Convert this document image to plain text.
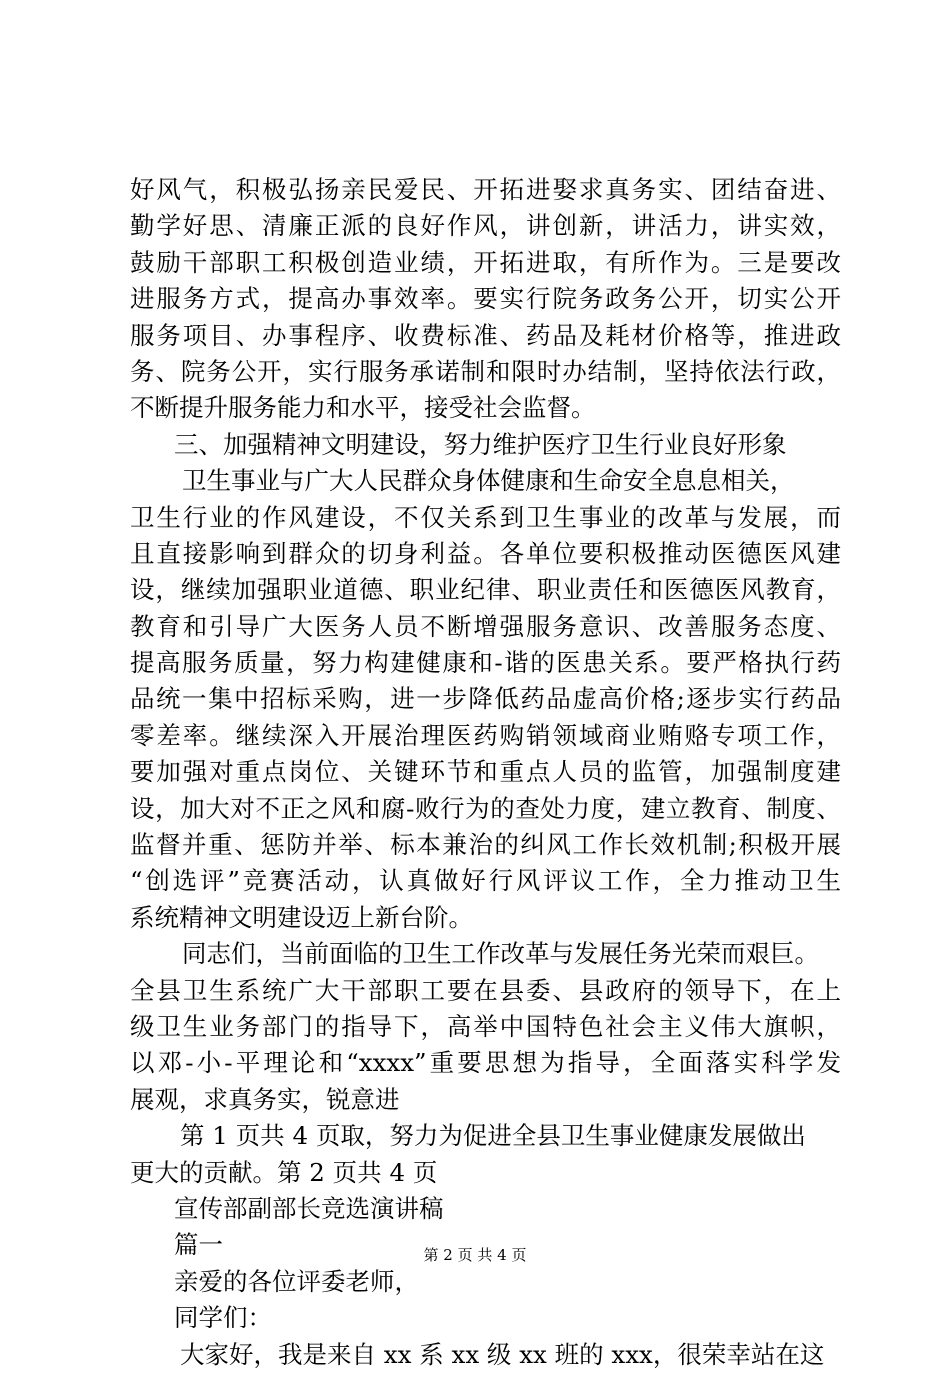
好风气，积极弘扬亲民爱民、开拓进娶求真务实、团结奋进、
勤学好思、清廉正派的良好作风，讲创新，讲活力，讲实效，
鼓励干部职工积极创造业绩，开拓进取，有所作为。三是要改
进服务方式，提高办事效率。要实行院务政务公开，切实公开
服务项目、办事程序、收费标准、药品及耗材价格等，推进政
务、院务公开，实行服务承诺制和限时办结制，坚持依法行政，
不断提升服务能力和水平，接受社会监督。
三、加强精神文明建设，努力维护医疗卫生行业良好形象
卫生事业与广大人民群众身体健康和生命安全息息相关，
卫生行业的作风建设，不仅关系到卫生事业的改革与发展，而
且直接影响到群众的切身利益。各单位要积极推动医德医风建
设，继续加强职业道德、职业纪律、职业责任和医德医风教育，
教育和引导广大医务人员不断增强服务意识、改善服务态度、
提高服务质量，努力构建健康和-谐的医患关系。要严格执行药
品统一集中招标采购，进一步降低药品虚高价格;逐步实行药品
零差率。继续深入开展治理医药购销领域商业贿赂专项工作，
要加强对重点岗位、关键环节和重点人员的监管，加强制度建
设，加大对不正之风和腐-败行为的查处力度，建立教育、制度、
监督并重、惩防并举、标本兼治的纠风工作长效机制;积极开展
“创选评”竞赛活动，认真做好行风评议工作，全力推动卫生
系统精神文明建设迈上新台阶。
同志们，当前面临的卫生工作改革与发展任务光荣而艰巨。
全县卫生系统广大干部职工要在县委、县政府的领导下，在上
级卫生业务部门的指导下，高举中国特色社会主义伟大旗帜，
以邓-小-平理论和“xxxx”重要思想为指导，全面落实科学发
展观，求真务实，锐意进
第 1 页共 4 页取，努力为促进全县卫生事业健康发展做出
更大的贡献。第 2 页共 4 页
宣传部副部长竞选演讲稿
篇一
亲爱的各位评委老师，
同学们：
大家好，我是来自 xx 系 xx 级 xx 班的 xxx，很荣幸站在这
第 2 页 共 4 页
